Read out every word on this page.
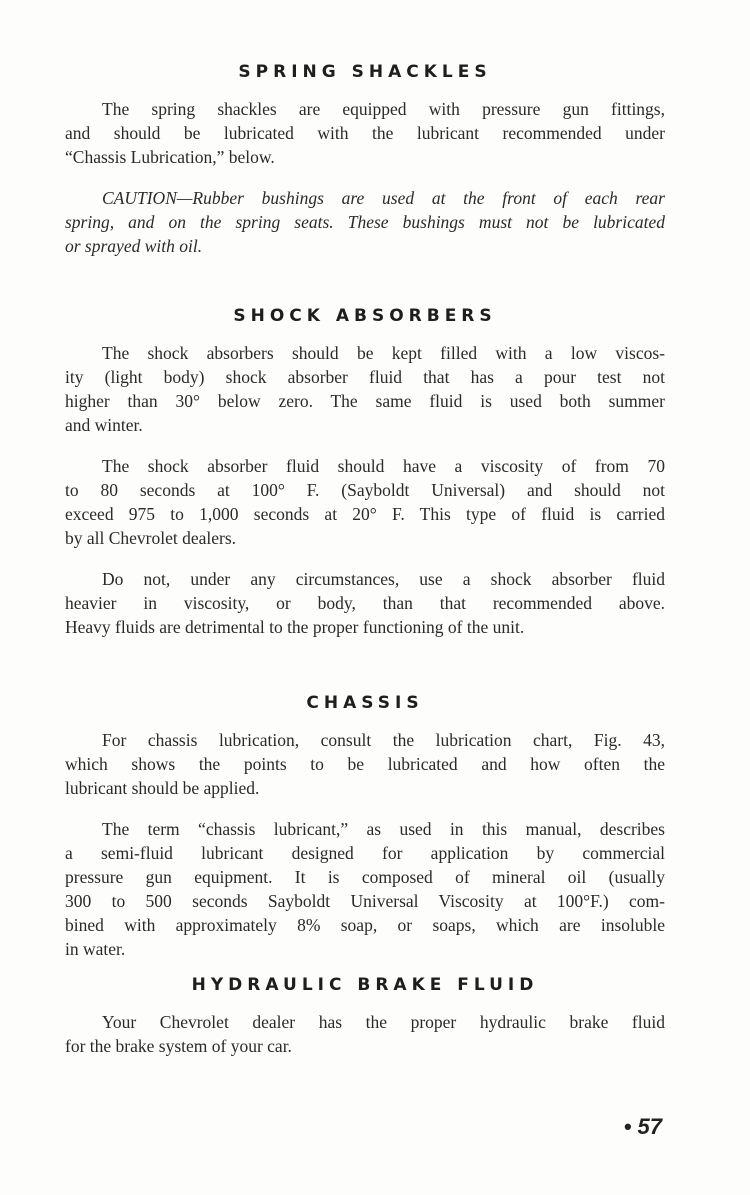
SPRING SHACKLES
The spring shackles are equipped with pressure gun fittings,
and should be lubricated with the lubricant recommended under
“Chassis Lubrication,” below.
CAUTION—Rubber bushings are used at the front of each rear
spring, and on the spring seats. These bushings must not be lubricated
or sprayed with oil.
SHOCK ABSORBERS
The shock absorbers should be kept filled with a low viscos-
ity (light body) shock absorber fluid that has a pour test not
higher than 30° below zero. The same fluid is used both summer
and winter.
The shock absorber fluid should have a viscosity of from 70
to 80 seconds at 100° F. (Sayboldt Universal) and should not
exceed 975 to 1,000 seconds at 20° F. This type of fluid is carried
by all Chevrolet dealers.
Do not, under any circumstances, use a shock absorber fluid
heavier in viscosity, or body, than that recommended above.
Heavy fluids are detrimental to the proper functioning of the unit.
CHASSIS
For chassis lubrication, consult the lubrication chart, Fig. 43,
which shows the points to be lubricated and how often the
lubricant should be applied.
The term “chassis lubricant,” as used in this manual, describes
a semi-fluid lubricant designed for application by commercial
pressure gun equipment. It is composed of mineral oil (usually
300 to 500 seconds Sayboldt Universal Viscosity at 100°F.) com-
bined with approximately 8% soap, or soaps, which are insoluble
in water.
HYDRAULIC BRAKE FLUID
Your Chevrolet dealer has the proper hydraulic brake fluid
for the brake system of your car.
• 57
